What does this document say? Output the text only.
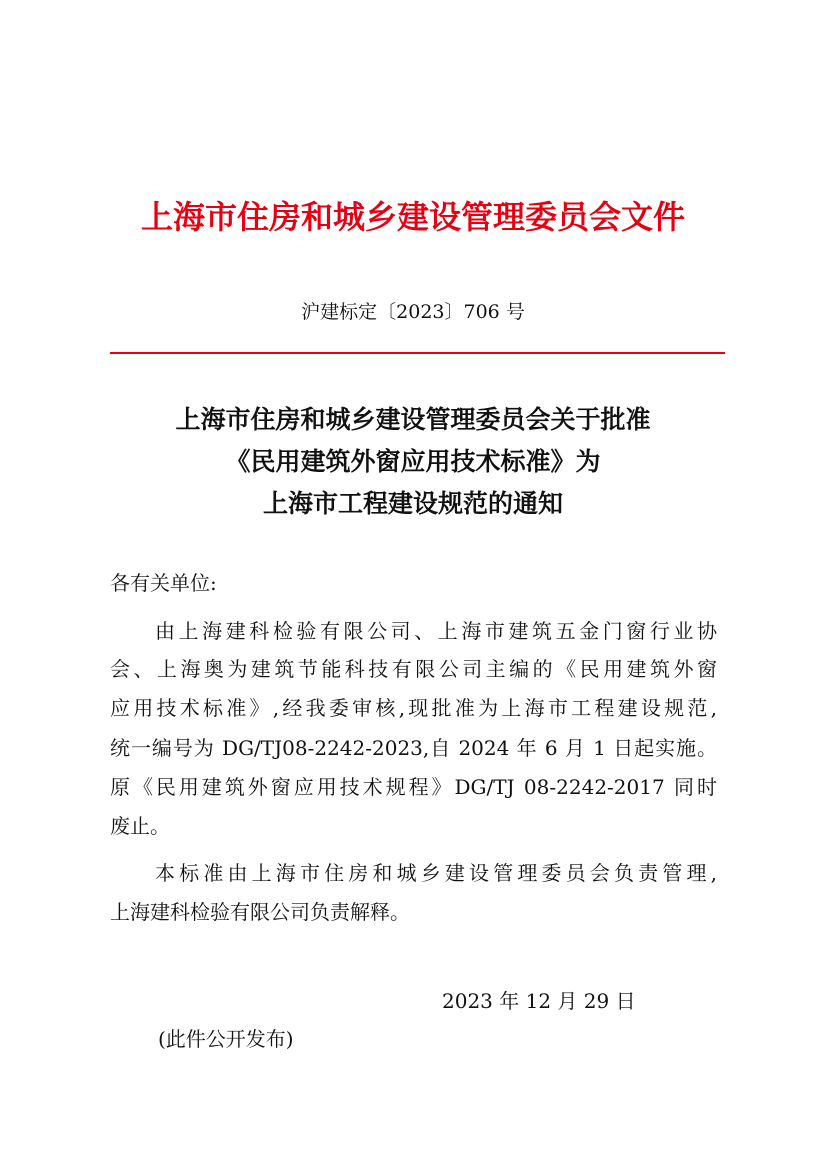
上海市住房和城乡建设管理委员会文件
沪建标定〔2023〕706 号
上海市住房和城乡建设管理委员会关于批准
《民用建筑外窗应用技术标准》为
上海市工程建设规范的通知
各有关单位:
由上海建科检验有限公司、上海市建筑五金门窗行业协
会、上海奥为建筑节能科技有限公司主编的《民用建筑外窗
应用技术标准》,经我委审核,现批准为上海市工程建设规范,
统一编号为 DG/TJ08-2242-2023,自 2024 年 6 月 1 日起实施。
原《民用建筑外窗应用技术规程》DG/TJ 08-2242-2017 同时
废止。
本标准由上海市住房和城乡建设管理委员会负责管理,
上海建科检验有限公司负责解释。
2023 年 12 月 29 日
(此件公开发布)
